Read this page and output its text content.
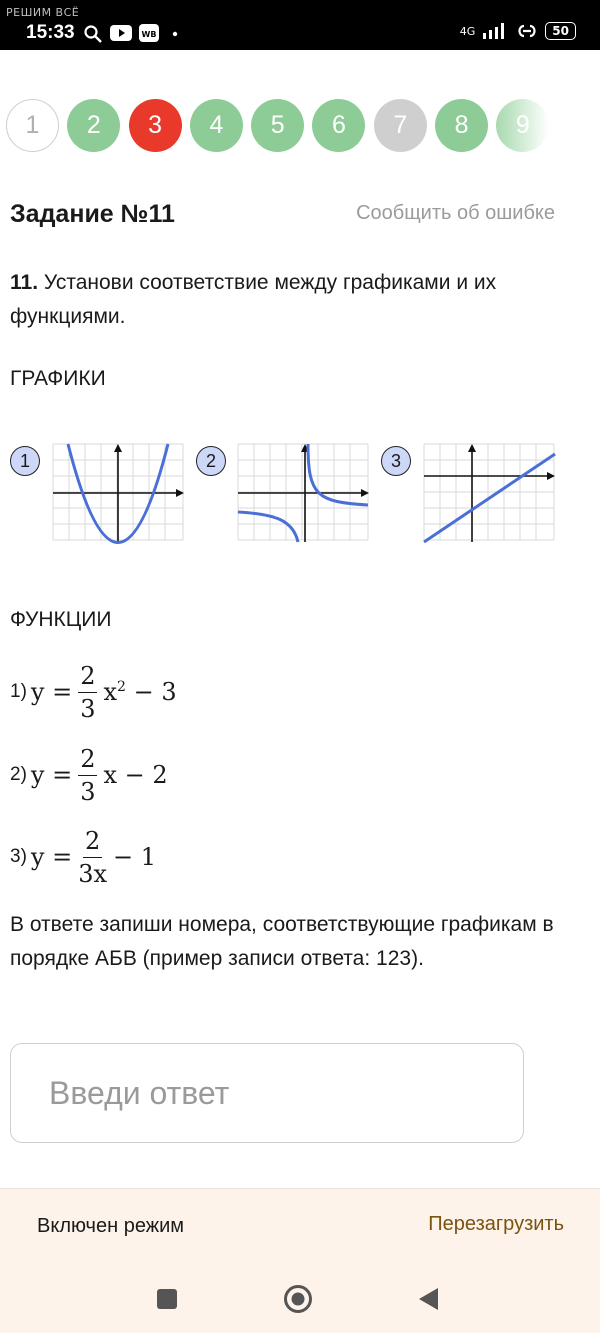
РЕШИМ ВСЁ
15:33	WB	4G	50
1 2 3 4 5 6 7 8 9
Задание №11	Сообщить об ошибке
11. Установи соответствие между графиками и их функциями.
ГРАФИКИ
1	2	3
ФУНКЦИИ
1) $y = \frac{2}{3} x^2 - 3$
2) $y = \frac{2}{3}$ x − 2
3) $y = \frac{2}{3x} - 1$
В ответе запиши номера, соответствующие графикам в порядке АБВ (пример записи ответа: 123).
Введи ответ
Включен режим	Перезагрузить
